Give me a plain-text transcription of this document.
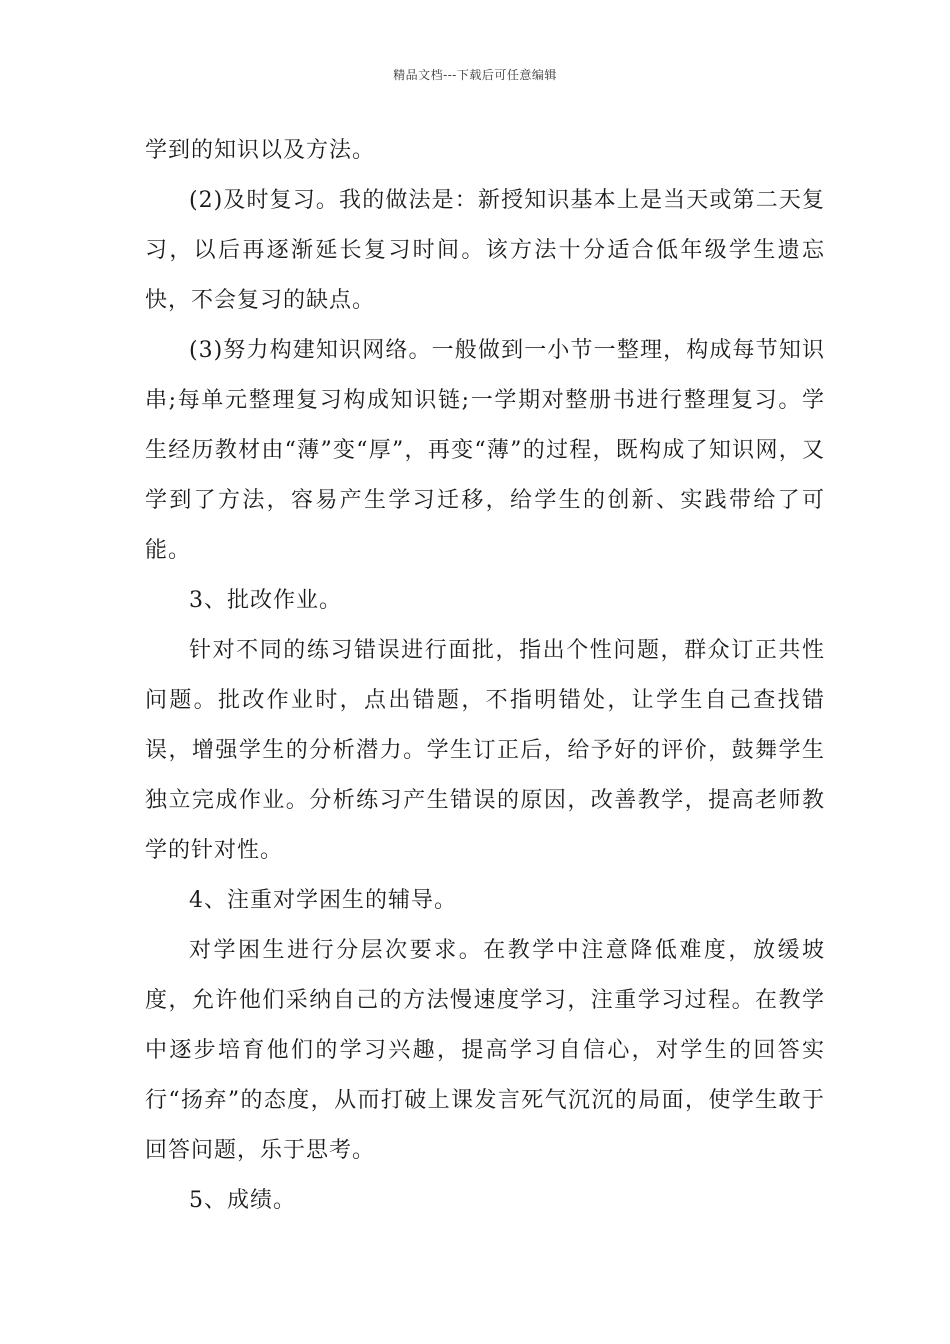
精品文档---下载后可任意编辑

学到的知识以及方法。

(2)及时复习。我的做法是：新授知识基本上是当天或第二天复习，以后再逐渐延长复习时间。该方法十分适合低年级学生遗忘快，不会复习的缺点。

(3)努力构建知识网络。一般做到一小节一整理，构成每节知识串;每单元整理复习构成知识链;一学期对整册书进行整理复习。学生经历教材由“薄”变“厚”，再变“薄”的过程，既构成了知识网，又学到了方法，容易产生学习迁移，给学生的创新、实践带给了可能。

3、批改作业。

针对不同的练习错误进行面批，指出个性问题，群众订正共性问题。批改作业时，点出错题，不指明错处，让学生自己查找错误，增强学生的分析潜力。学生订正后，给予好的评价，鼓舞学生独立完成作业。分析练习产生错误的原因，改善教学，提高老师教学的针对性。

4、注重对学困生的辅导。

对学困生进行分层次要求。在教学中注意降低难度，放缓坡度，允许他们采纳自己的方法慢速度学习，注重学习过程。在教学中逐步培育他们的学习兴趣，提高学习自信心，对学生的回答实行“扬弃”的态度，从而打破上课发言死气沉沉的局面，使学生敢于回答问题，乐于思考。

5、成绩。
